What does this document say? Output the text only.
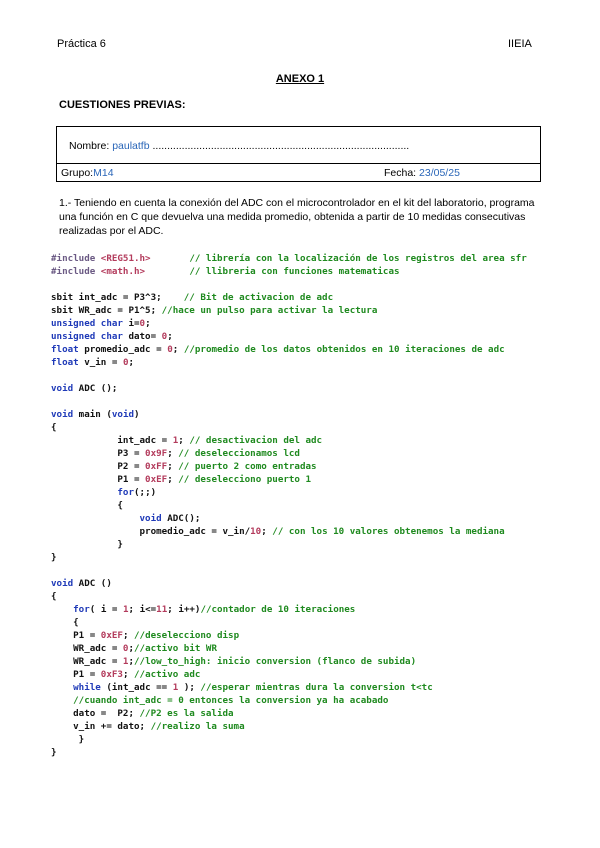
Práctica 6	IIEIA
ANEXO 1
CUESTIONES PREVIAS:
Nombre: paulatfb ........................................................................................
Grupo:M14	Fecha: 23/05/25
1.- Teniendo en cuenta la conexión del ADC con el microcontrolador en el kit del laboratorio, programa una función en C que devuelva una medida promedio, obtenida a partir de 10 medidas consecutivas realizadas por el ADC.
#include <REG51.h>       // librería con la localización de los registros del area sfr
#include <math.h>        // llibreria con funciones matematicas

sbit int_adc = P3^3;    // Bit de activacion de adc
sbit WR_adc = P1^5; //hace un pulso para activar la lectura
unsigned char i=0;
unsigned char dato= 0;
float promedio_adc = 0; //promedio de los datos obtenidos en 10 iteraciones de adc
float v_in = 0;

void ADC ();

void main (void)
{
int_adc = 1; // desactivacion del adc
P3 = 0x9F; // deseleccionamos lcd
P2 = 0xFF; // puerto 2 como entradas
P1 = 0xEF; // deselecciono puerto 1
for(;;)
{
void ADC();
promedio_adc = v_in/10; // con los 10 valores obtenemos la mediana
}
}

void ADC ()
{
for( i = 1; i<=11; i++)//contador de 10 iteraciones
{
P1 = 0xEF; //deselecciono disp
WR_adc = 0;//activo bit WR
WR_adc = 1;//low_to_high: inicio conversion (flanco de subida)
P1 = 0xF3; //activo adc
while (int_adc == 1 ); //esperar mientras dura la conversion t<tc
//cuando int_adc = 0 entonces la conversion ya ha acabado
dato =  P2; //P2 es la salida
v_in += dato; //realizo la suma
}
}
